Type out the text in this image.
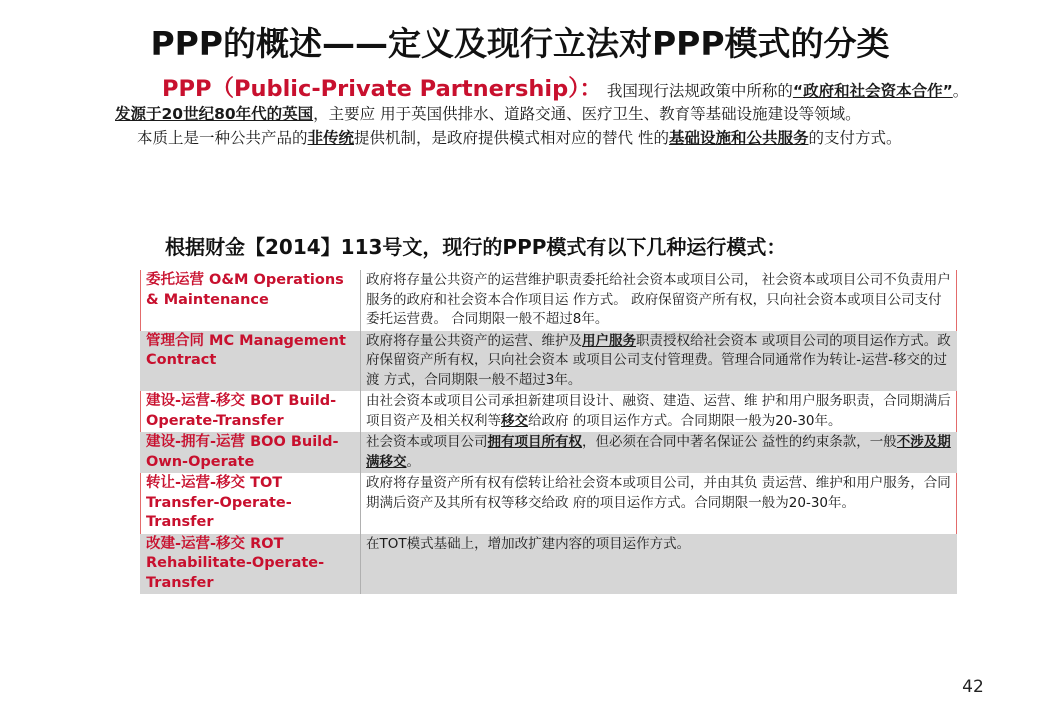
PPP的概述——定义及现行立法对PPP模式的分类
PPP（Public-Private Partnership）： 我国现行法规政策中所称的“政府和社会资本合作”。发源于20世纪80年代的英国，主要应 用于英国供排水、道路交通、医疗卫生、教育等基础设施建设等领域。
本质上是一种公共产品的非传统提供机制，是政府提供模式相对应的替代 性的基础设施和公共服务的支付方式。
根据财金【2014】113号文，现行的PPP模式有以下几种运行模式：
委托运营 O&M Operations & Maintenance	政府将存量公共资产的运营维护职责委托给社会资本或项目公司， 社会资本或项目公司不负责用户服务的政府和社会资本合作项目运 作方式。 政府保留资产所有权，只向社会资本或项目公司支付委托运营费。 合同期限一般不超过8年。
管理合同 MC Management Contract	政府将存量公共资产的运营、维护及用户服务职责授权给社会资本 或项目公司的项目运作方式。政府保留资产所有权，只向社会资本 或项目公司支付管理费。管理合同通常作为转让-运营-移交的过渡 方式，合同期限一般不超过3年。
建设-运营-移交 BOT Build-Operate-Transfer	由社会资本或项目公司承担新建项目设计、融资、建造、运营、维 护和用户服务职责，合同期满后项目资产及相关权利等移交给政府 的项目运作方式。合同期限一般为20-30年。
建设-拥有-运营 BOO Build-Own-Operate	社会资本或项目公司拥有项目所有权，但必须在合同中著名保证公 益性的约束条款，一般不涉及期满移交。
转让-运营-移交 TOT Transfer-Operate-Transfer	政府将存量资产所有权有偿转让给社会资本或项目公司，并由其负 责运营、维护和用户服务，合同期满后资产及其所有权等移交给政 府的项目运作方式。合同期限一般为20-30年。
改建-运营-移交 ROT Rehabilitate-Operate-Transfer	在TOT模式基础上，增加改扩建内容的项目运作方式。
42
